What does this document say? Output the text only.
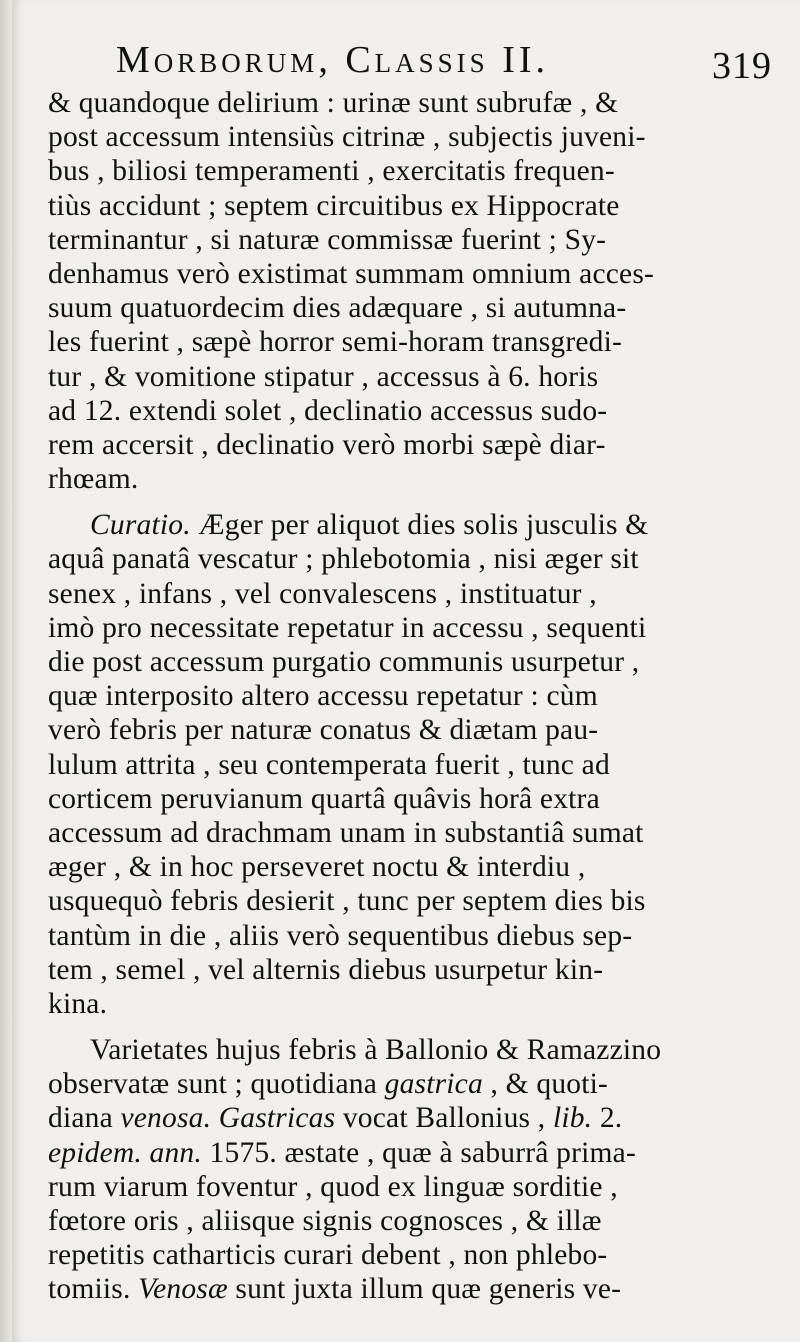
Morborum, Classis II.	319
& quandoque delirium : urinæ sunt subrufæ , &
post accessum intensiùs citrinæ , subjectis juveni-
bus , biliosi temperamenti , exercitatis frequen-
tiùs accidunt ; septem circuitibus ex Hippocrate
terminantur , si naturæ commissæ fuerint ; Sy-
denhamus verò existimat summam omnium acces-
suum quatuordecim dies adæquare , si autumna-
les fuerint , sæpè horror semi-horam transgredi-
tur , & vomitione stipatur , accessus à 6. horis
ad 12. extendi solet , declinatio accessus sudo-
rem accersit , declinatio verò morbi sæpè diar-
rhœam.
Curatio. Æger per aliquot dies solis jusculis &
aquâ panatâ vescatur ; phlebotomia , nisi æger sit
senex , infans , vel convalescens , instituatur ,
imò pro necessitate repetatur in accessu , sequenti
die post accessum purgatio communis usurpetur ,
quæ interposito altero accessu repetatur : cùm
verò febris per naturæ conatus & diætam pau-
lulum attrita , seu contemperata fuerit , tunc ad
corticem peruvianum quartâ quâvis horâ extra
accessum ad drachmam unam in substantiâ sumat
æger , & in hoc perseveret noctu & interdiu ,
usquequò febris desierit , tunc per septem dies bis
tantùm in die , aliis verò sequentibus diebus sep-
tem , semel , vel alternis diebus usurpetur kin-
kina.
Varietates hujus febris à Ballonio & Ramazzino
observatæ sunt ; quotidiana gastrica , & quoti-
diana venosa. Gastricas vocat Ballonius , lib. 2.
epidem. ann. 1575. æstate , quæ à saburrâ prima-
rum viarum foventur , quod ex linguæ sorditie ,
fœtore oris , aliisque signis cognosces , & illæ
repetitis catharticis curari debent , non phlebo-
tomiis. Venosæ sunt juxta illum quæ generis ve-
